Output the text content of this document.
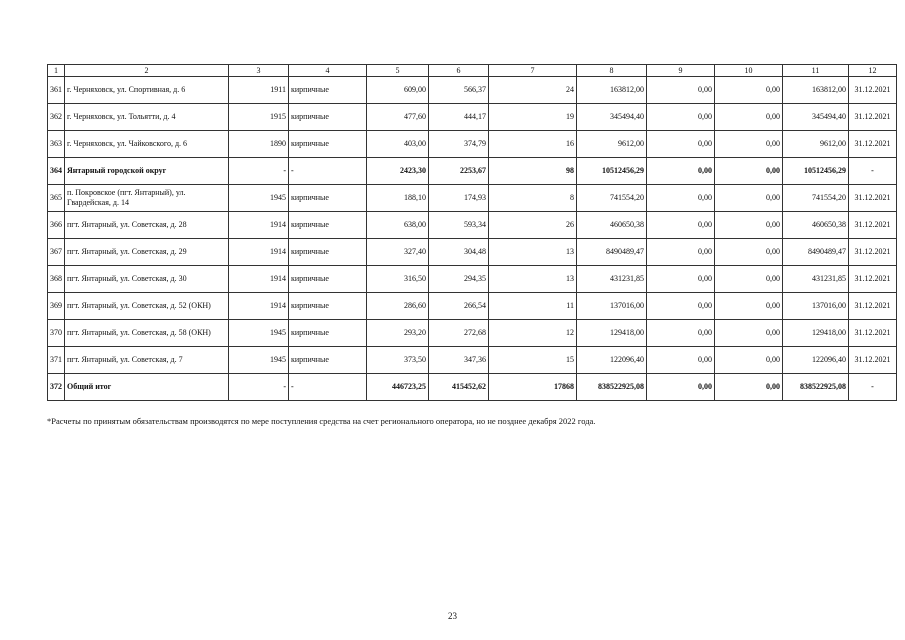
1	2	3	4	5	6	7	8	9	10	11	12
361	г. Черняховск, ул. Спортивная, д. 6	1911	кирпичные	609,00	566,37	24	163812,00	0,00	0,00	163812,00	31.12.2021
362	г. Черняховск, ул. Тольятти, д. 4	1915	кирпичные	477,60	444,17	19	345494,40	0,00	0,00	345494,40	31.12.2021
363	г. Черняховск, ул. Чайковского, д. 6	1890	кирпичные	403,00	374,79	16	9612,00	0,00	0,00	9612,00	31.12.2021
364	Янтарный городской округ	-	-	2423,30	2253,67	98	10512456,29	0,00	0,00	10512456,29	-
365	п. Покровское (пгт. Янтарный), ул. Гвардейская, д. 14	1945	кирпичные	188,10	174,93	8	741554,20	0,00	0,00	741554,20	31.12.2021
366	пгт. Янтарный, ул. Советская, д. 28	1914	кирпичные	638,00	593,34	26	460650,38	0,00	0,00	460650,38	31.12.2021
367	пгт. Янтарный, ул. Советская, д. 29	1914	кирпичные	327,40	304,48	13	8490489,47	0,00	0,00	8490489,47	31.12.2021
368	пгт. Янтарный, ул. Советская, д. 30	1914	кирпичные	316,50	294,35	13	431231,85	0,00	0,00	431231,85	31.12.2021
369	пгт. Янтарный, ул. Советская, д. 52 (ОКН)	1914	кирпичные	286,60	266,54	11	137016,00	0,00	0,00	137016,00	31.12.2021
370	пгт. Янтарный, ул. Советская, д. 58 (ОКН)	1945	кирпичные	293,20	272,68	12	129418,00	0,00	0,00	129418,00	31.12.2021
371	пгт. Янтарный, ул. Советская, д. 7	1945	кирпичные	373,50	347,36	15	122096,40	0,00	0,00	122096,40	31.12.2021
372	Общий итог	-	-	446723,25	415452,62	17868	838522925,08	0,00	0,00	838522925,08	-
*Расчеты по принятым обязательствам производятся по мере поступления средства на счет регионального оператора, но не позднее декабря 2022 года.
23
